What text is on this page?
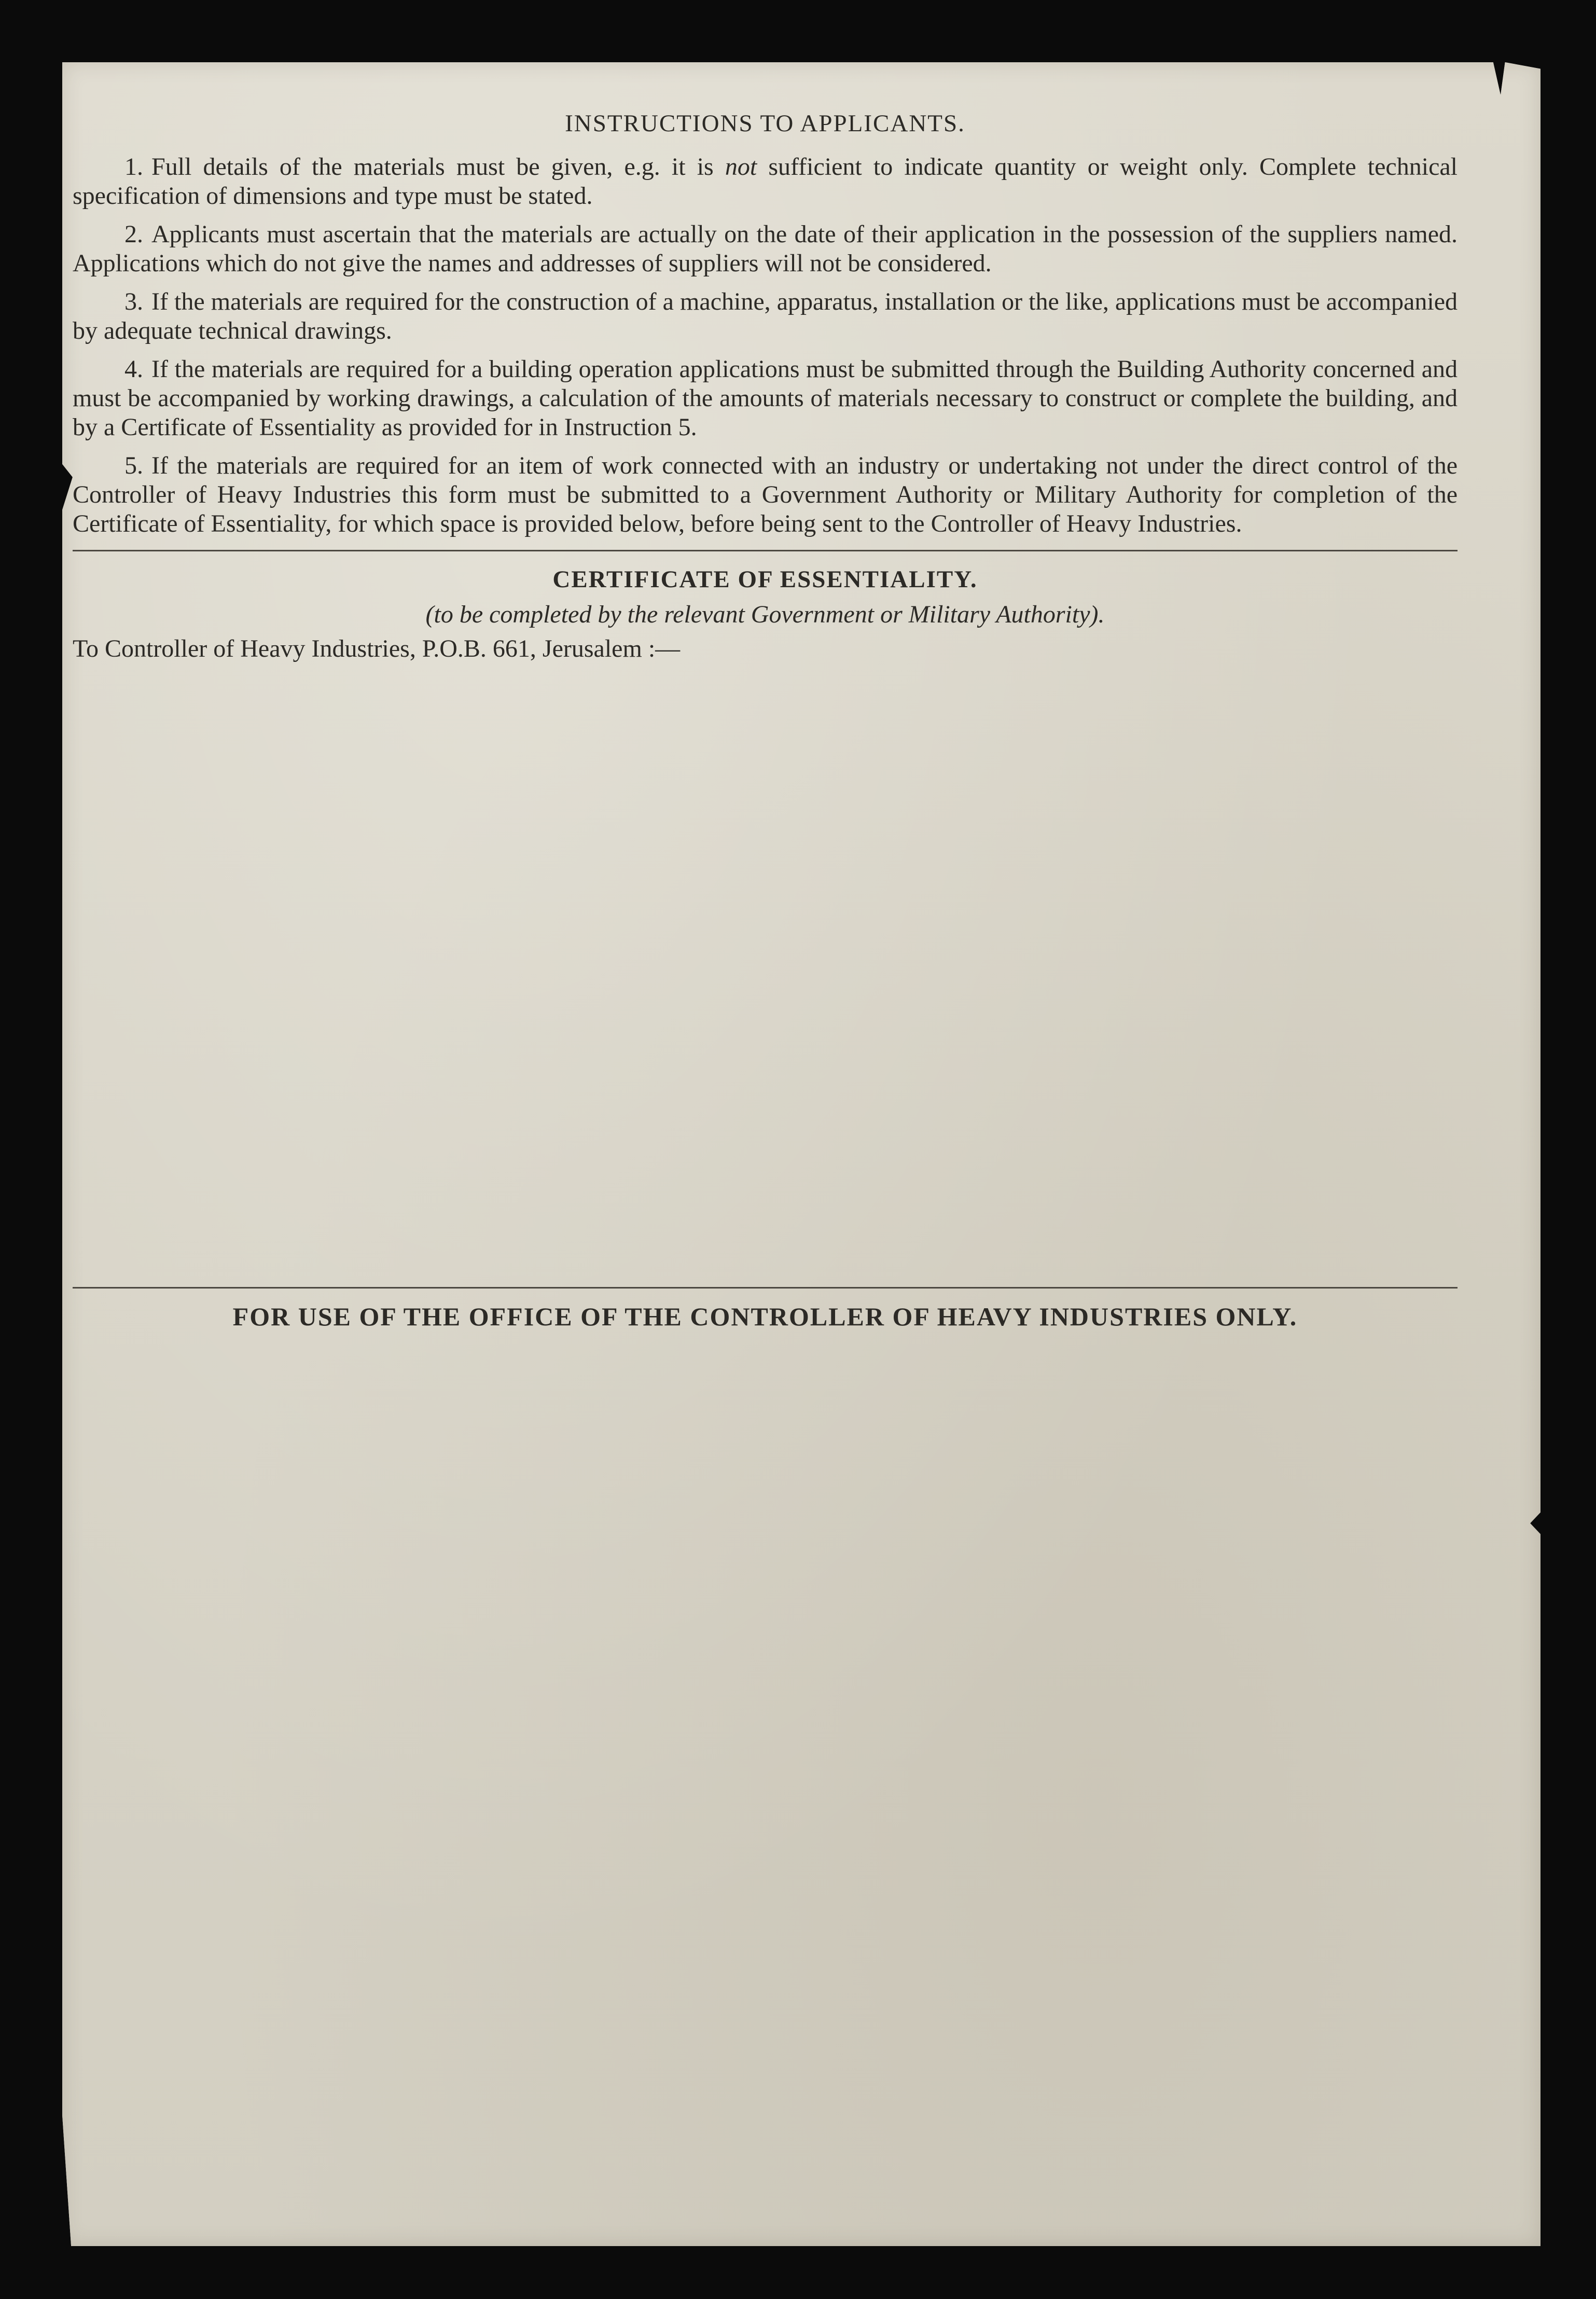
INSTRUCTIONS TO APPLICANTS.

1. Full details of the materials must be given, e.g. it is not sufficient to indicate quantity or weight only. Complete technical specification of dimensions and type must be stated.

2. Applicants must ascertain that the materials are actually on the date of their application in the possession of the suppliers named. Applications which do not give the names and addresses of suppliers will not be considered.

3. If the materials are required for the construction of a machine, apparatus, installation or the like, applications must be accompanied by adequate technical drawings.

4. If the materials are required for a building operation applications must be submitted through the Building Authority concerned and must be accompanied by working drawings, a calculation of the amounts of materials necessary to construct or complete the building, and by a Certificate of Essentiality as provided for in Instruction 5.

5. If the materials are required for an item of work connected with an industry or undertaking not under the direct control of the Controller of Heavy Industries this form must be submitted to a Government Authority or Military Authority for completion of the Certificate of Essentiality, for which space is provided below, before being sent to the Controller of Heavy Industries.

CERTIFICATE OF ESSENTIALITY.

(to be completed by the relevant Government or Military Authority).

To Controller of Heavy Industries, P.O.B. 661, Jerusalem :—

FOR USE OF THE OFFICE OF THE CONTROLLER OF HEAVY INDUSTRIES ONLY.
